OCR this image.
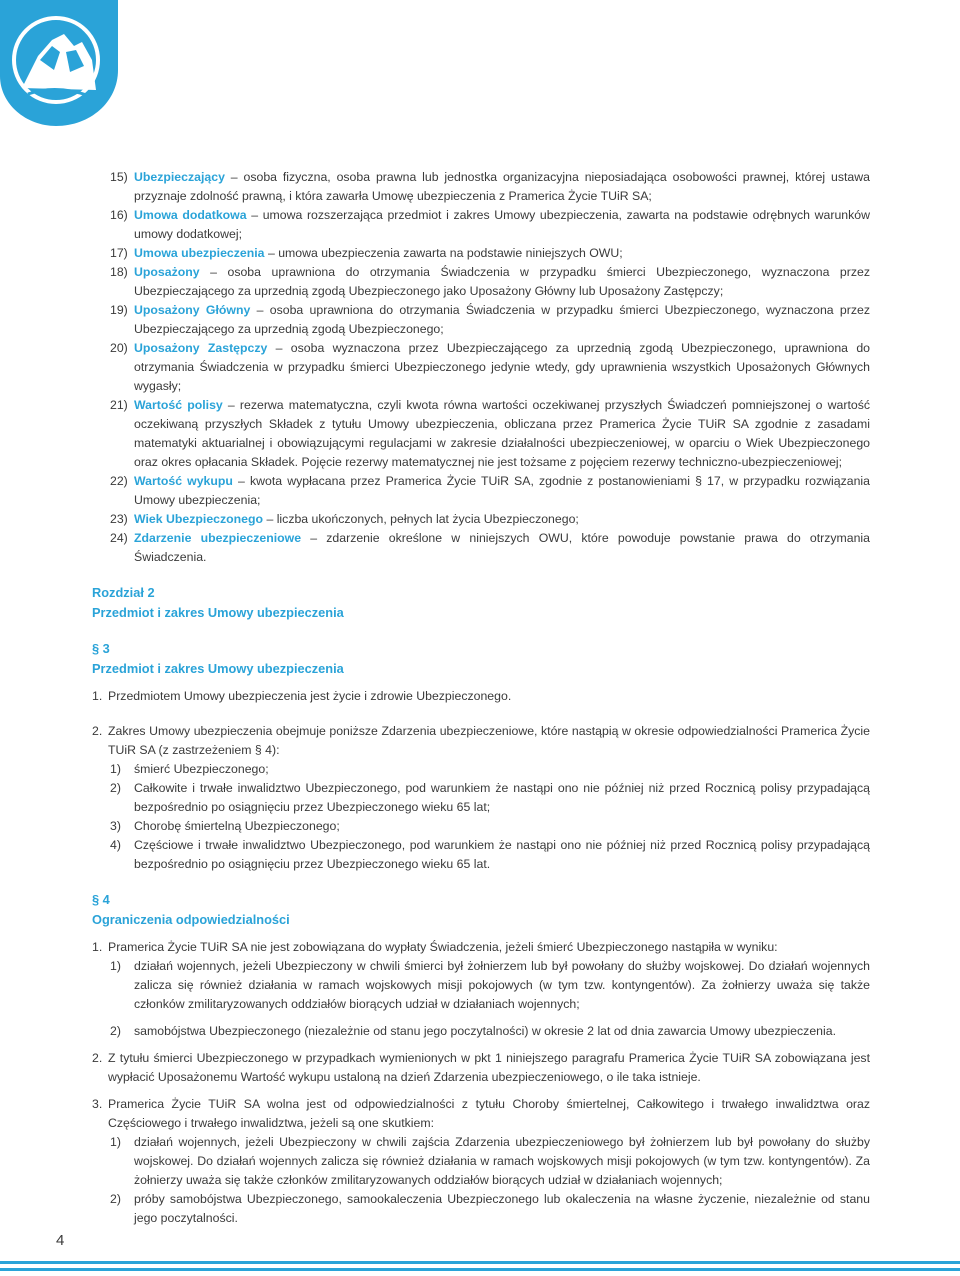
15) Ubezpieczający – osoba fizyczna, osoba prawna lub jednostka organizacyjna nieposiadająca osobowości prawnej, której ustawa przyznaje zdolność prawną, i która zawarła Umowę ubezpieczenia z Pramerica Życie TUiR SA;
16) Umowa dodatkowa – umowa rozszerzająca przedmiot i zakres Umowy ubezpieczenia, zawarta na podstawie odrębnych warunków umowy dodatkowej;
17) Umowa ubezpieczenia – umowa ubezpieczenia zawarta na podstawie niniejszych OWU;
18) Uposażony – osoba uprawniona do otrzymania Świadczenia w przypadku śmierci Ubezpieczonego, wyznaczona przez Ubezpieczającego za uprzednią zgodą Ubezpieczonego jako Uposażony Główny lub Uposażony Zastępczy;
19) Uposażony Główny – osoba uprawniona do otrzymania Świadczenia w przypadku śmierci Ubezpieczonego, wyznaczona przez Ubezpieczającego za uprzednią zgodą Ubezpieczonego;
20) Uposażony Zastępczy – osoba wyznaczona przez Ubezpieczającego za uprzednią zgodą Ubezpieczonego, uprawniona do otrzymania Świadczenia w przypadku śmierci Ubezpieczonego jedynie wtedy, gdy uprawnienia wszystkich Uposażonych Głównych wygasły;
21) Wartość polisy – rezerwa matematyczna, czyli kwota równa wartości oczekiwanej przyszłych Świadczeń pomniejszonej o wartość oczekiwaną przyszłych Składek z tytułu Umowy ubezpieczenia, obliczana przez Pramerica Życie TUiR SA zgodnie z zasadami matematyki aktuarialnej i obowiązującymi regulacjami w zakresie działalności ubezpieczeniowej, w oparciu o Wiek Ubezpieczonego oraz okres opłacania Składek. Pojęcie rezerwy matematycznej nie jest tożsame z pojęciem rezerwy techniczno-ubezpieczeniowej;
22) Wartość wykupu – kwota wypłacana przez Pramerica Życie TUiR SA, zgodnie z postanowieniami § 17, w przypadku rozwiązania Umowy ubezpieczenia;
23) Wiek Ubezpieczonego – liczba ukończonych, pełnych lat życia Ubezpieczonego;
24) Zdarzenie ubezpieczeniowe – zdarzenie określone w niniejszych OWU, które powoduje powstanie prawa do otrzymania Świadczenia.
Rozdział 2
Przedmiot i zakres Umowy ubezpieczenia
§ 3
Przedmiot i zakres Umowy ubezpieczenia
1. Przedmiotem Umowy ubezpieczenia jest życie i zdrowie Ubezpieczonego.
2. Zakres Umowy ubezpieczenia obejmuje poniższe Zdarzenia ubezpieczeniowe, które nastąpią w okresie odpowiedzialności Pramerica Życie TUiR SA (z zastrzeżeniem § 4):
1) śmierć Ubezpieczonego;
2) Całkowite i trwałe inwalidztwo Ubezpieczonego, pod warunkiem że nastąpi ono nie później niż przed Rocznicą polisy przypadającą bezpośrednio po osiągnięciu przez Ubezpieczonego wieku 65 lat;
3) Chorobę śmiertelną Ubezpieczonego;
4) Częściowe i trwałe inwalidztwo Ubezpieczonego, pod warunkiem że nastąpi ono nie później niż przed Rocznicą polisy przypadającą bezpośrednio po osiągnięciu przez Ubezpieczonego wieku 65 lat.
§ 4
Ograniczenia odpowiedzialności
1. Pramerica Życie TUiR SA nie jest zobowiązana do wypłaty Świadczenia, jeżeli śmierć Ubezpieczonego nastąpiła w wyniku:
1) działań wojennych, jeżeli Ubezpieczony w chwili śmierci był żołnierzem lub był powołany do służby wojskowej. Do działań wojennych zalicza się również działania w ramach wojskowych misji pokojowych (w tym tzw. kontyngentów). Za żołnierzy uważa się także członków zmilitaryzowanych oddziałów biorących udział w działaniach wojennych;
2) samobójstwa Ubezpieczonego (niezależnie od stanu jego poczytalności) w okresie 2 lat od dnia zawarcia Umowy ubezpieczenia.
2. Z tytułu śmierci Ubezpieczonego w przypadkach wymienionych w pkt 1 niniejszego paragrafu Pramerica Życie TUiR SA zobowiązana jest wypłacić Uposażonemu Wartość wykupu ustaloną na dzień Zdarzenia ubezpieczeniowego, o ile taka istnieje.
3. Pramerica Życie TUiR SA wolna jest od odpowiedzialności z tytułu Choroby śmiertelnej, Całkowitego i trwałego inwalidztwa oraz Częściowego i trwałego inwalidztwa, jeżeli są one skutkiem:
1) działań wojennych, jeżeli Ubezpieczony w chwili zajścia Zdarzenia ubezpieczeniowego był żołnierzem lub był powołany do służby wojskowej. Do działań wojennych zalicza się również działania w ramach wojskowych misji pokojowych (w tym tzw. kontyngentów). Za żołnierzy uważa się także członków zmilitaryzowanych oddziałów biorących udział w działaniach wojennych;
2) próby samobójstwa Ubezpieczonego, samookaleczenia Ubezpieczonego lub okaleczenia na własne życzenie, niezależnie od stanu jego poczytalności.
4
